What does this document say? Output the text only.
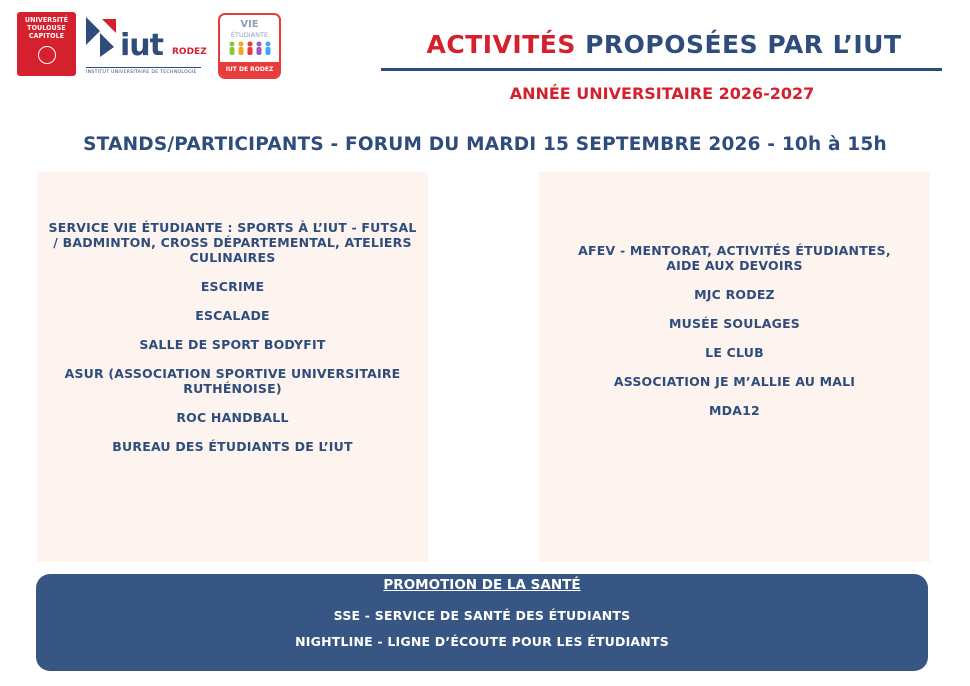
UNIVERSITÉ
TOULOUSE
CAPITOLE iut RODEZ
INSTITUT UNIVERSITAIRE DE TECHNOLOGIE
VIE
ÉTUDIANTE
IUT DE RODEZ
ACTIVITÉS PROPOSÉES PAR L’IUT
ANNÉE UNIVERSITAIRE 2026-2027
STANDS/PARTICIPANTS - FORUM DU MARDI 15 SEPTEMBRE 2026 - 10h à 15h
SERVICE VIE ÉTUDIANTE : SPORTS À L’IUT - FUTSAL / BADMINTON, CROSS DÉPARTEMENTAL, ATELIERS CULINAIRES
ESCRIME
ESCALADE
SALLE DE SPORT BODYFIT
ASUR (ASSOCIATION SPORTIVE UNIVERSITAIRE RUTHÉNOISE)
ROC HANDBALL
BUREAU DES ÉTUDIANTS DE L’IUT
AFEV - MENTORAT, ACTIVITÉS ÉTUDIANTES, AIDE AUX DEVOIRS
MJC RODEZ
MUSÉE SOULAGES
LE CLUB
ASSOCIATION JE M’ALLIE AU MALI
MDA12
PROMOTION DE LA SANTÉ
SSE - SERVICE DE SANTÉ DES ÉTUDIANTS
NIGHTLINE - LIGNE D’ÉCOUTE POUR LES ÉTUDIANTS
